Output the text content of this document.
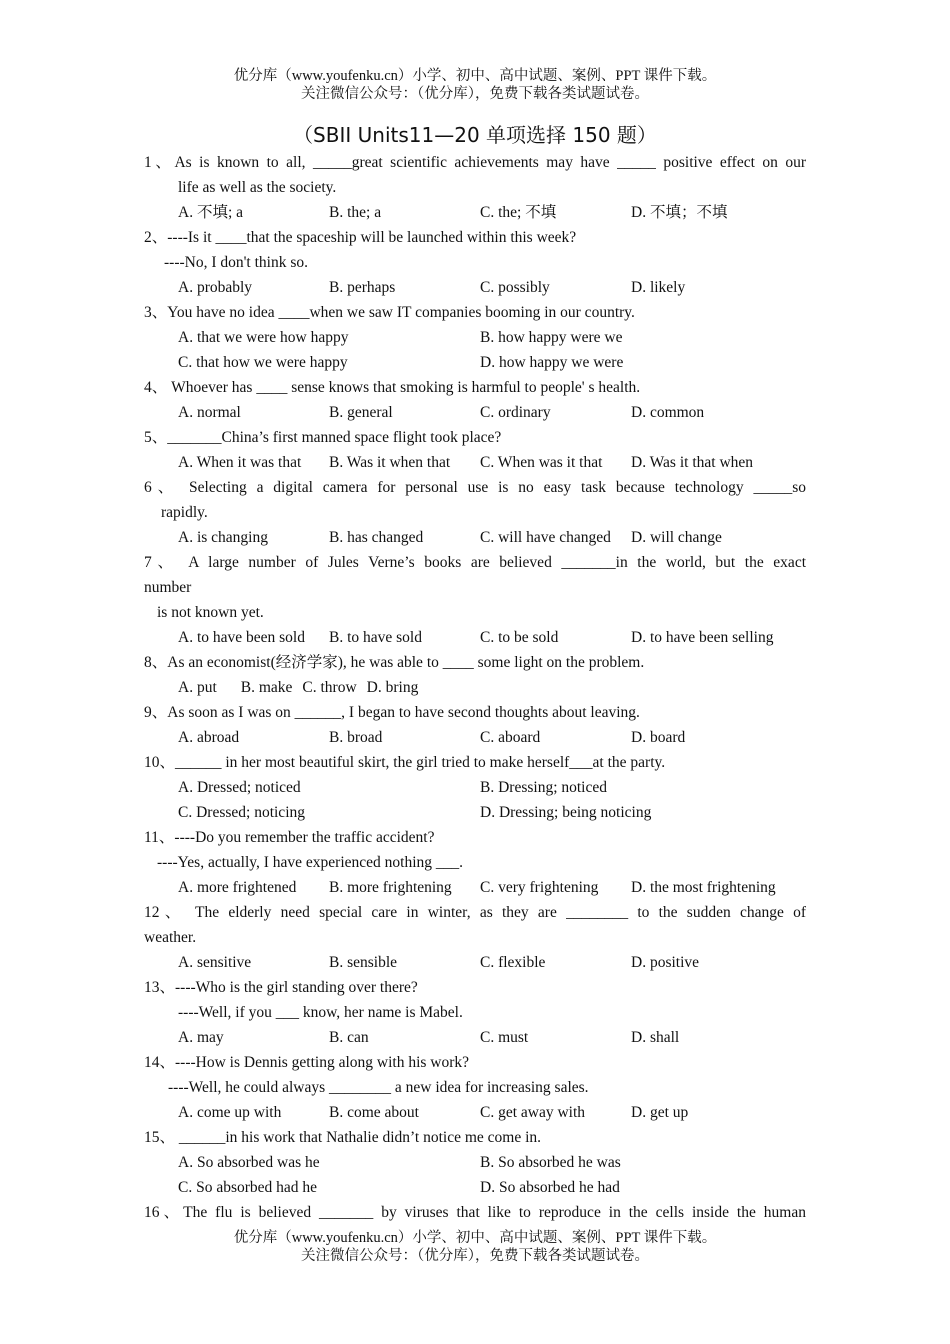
优分库（www.youfenku.cn）小学、初中、高中试题、案例、PPT 课件下载。
关注微信公众号：（优分库），免费下载各类试题试卷。
（SBII Units11—20 单项选择 150 题）
1、As is known to all, _____great scientific achievements may have _____ positive effect on our
life as well as the society.
A. 不填; a	B. the; a	C. the; 不填	D. 不填；不填
2、----Is it ____that the spaceship will be launched within this week?
----No, I don't think so.
A. probably	B. perhaps	C. possibly	D. likely
3、You have no idea ____when we saw IT companies booming in our country.
A. that we were how happy	B. how happy were we
C. that how we were happy	D. how happy we were
4、 Whoever has ____ sense knows that smoking is harmful to people' s health.
A. normal	B. general	C. ordinary	D. common
5、_______China’s first manned space flight took place?
A. When it was that	B. Was it when that	C. When was it that	D. Was it that when
6、 Selecting a digital camera for personal use is no easy task because technology _____so
rapidly.
A. is changing	B. has changed	C. will have changed	D. will change
7、 A large number of Jules Verne’s books are believed _______in the world, but the exact
number
is not known yet.
A. to have been sold	B. to have sold	C. to be sold	D. to have been selling
8、As an economist(经济学家), he was able to ____ some light on the problem.
A. put B. make C. throw D. bring
9、As soon as I was on ______, I began to have second thoughts about leaving.
A. abroad	B. broad	C. aboard	D. board
10、______ in her most beautiful skirt, the girl tried to make herself___at the party.
A. Dressed; noticed	B. Dressing; noticed
C. Dressed; noticing	D. Dressing; being noticing
11、----Do you remember the traffic accident?
----Yes, actually, I have experienced nothing ___.
A. more frightened	B. more frightening	C. very frightening	D. the most frightening
12、 The elderly need special care in winter, as they are ________ to the sudden change of
weather.
A. sensitive	B. sensible	C. flexible	D. positive
13、----Who is the girl standing over there?
----Well, if you ___ know, her name is Mabel.
A. may	B. can	C. must	D. shall
14、----How is Dennis getting along with his work?
----Well, he could always ________ a new idea for increasing sales.
A. come up with	B. come about	C. get away with	D. get up
15、 ______in his work that Nathalie didn’t notice me come in.
A. So absorbed was he	B. So absorbed he was
C. So absorbed had he	D. So absorbed he had
16、The flu is believed _______ by viruses that like to reproduce in the cells inside the human
优分库（www.youfenku.cn）小学、初中、高中试题、案例、PPT 课件下载。
关注微信公众号：（优分库），免费下载各类试题试卷。
